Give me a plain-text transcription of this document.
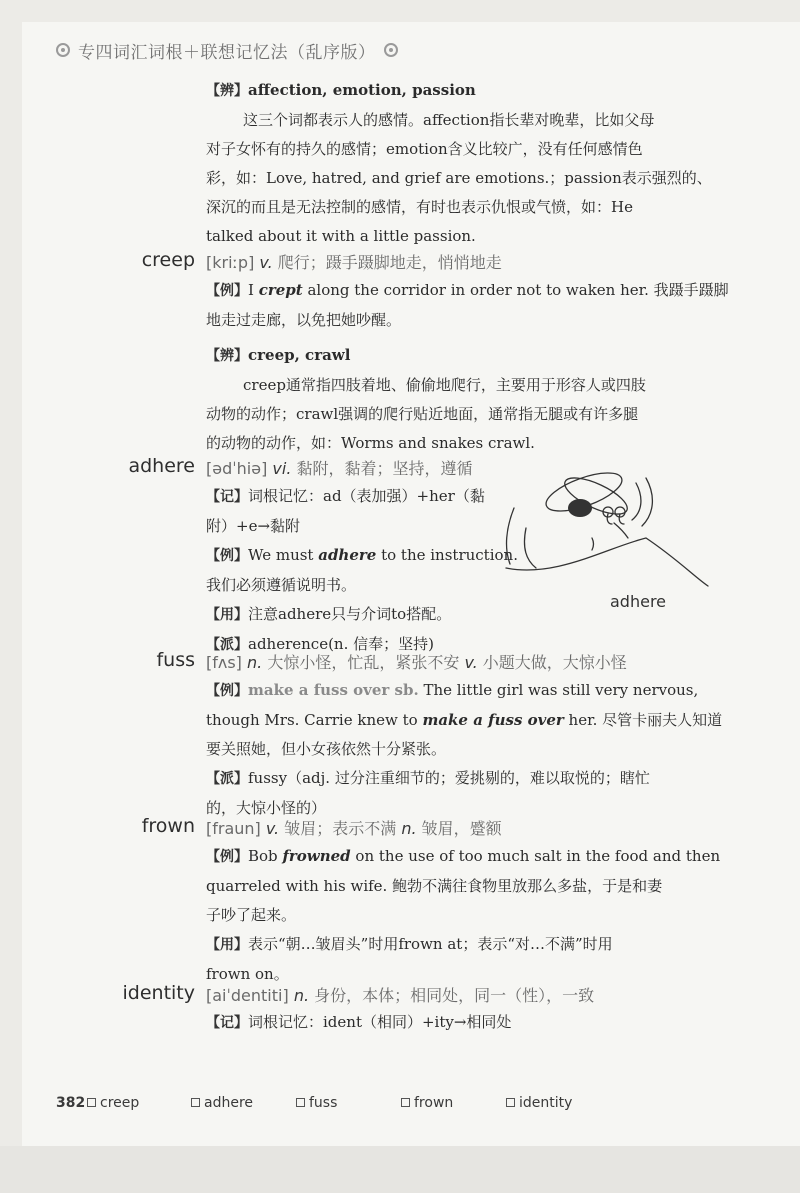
专四词汇词根＋联想记忆法（乱序版）
【辨】affection, emotion, passion
这三个词都表示人的感情。affection指长辈对晚辈，比如父母
对子女怀有的持久的感情；emotion含义比较广，没有任何感情色
彩，如：Love, hatred, and grief are emotions.；passion表示强烈的、
深沉的而且是无法控制的感情，有时也表示仇恨或气愤，如：He
talked about it with a little passion.
creep [kriːp] v. 爬行；蹑手蹑脚地走，悄悄地走
【例】I crept along the corridor in order not to waken her. 我蹑手蹑脚
地走过走廊，以免把她吵醒。
【辨】creep, crawl
creep通常指四肢着地、偷偷地爬行，主要用于形容人或四肢
动物的动作；crawl强调的爬行贴近地面，通常指无腿或有许多腿
的动物的动作，如：Worms and snakes crawl.
adhere [ədˈhiə] vi. 黏附，黏着；坚持，遵循
【记】词根记忆：ad（表加强）+her（黏
附）+e→黏附
【例】We must adhere to the instruction.
我们必须遵循说明书。
【用】注意adhere只与介词to搭配。
【派】adherence(n. 信奉；坚持)
adhere
fuss [fʌs] n. 大惊小怪，忙乱，紧张不安 v. 小题大做，大惊小怪
【例】make a fuss over sb. The little girl was still very nervous,
though Mrs. Carrie knew to make a fuss over her. 尽管卡丽夫人知道
要关照她，但小女孩依然十分紧张。
【派】fussy（adj. 过分注重细节的；爱挑剔的，难以取悦的；瞎忙
的，大惊小怪的）
frown [fraun] v. 皱眉；表示不满 n. 皱眉，蹙额
【例】Bob frowned on the use of too much salt in the food and then
quarreled with his wife. 鲍勃不满往食物里放那么多盐，于是和妻
子吵了起来。
【用】表示“朝…皱眉头”时用frown at；表示“对…不满”时用
frown on。
identity [aiˈdentiti] n. 身份，本体；相同处，同一（性），一致
【记】词根记忆：ident（相同）+ity→相同处
382	creep	adhere	fuss	frown	identity
